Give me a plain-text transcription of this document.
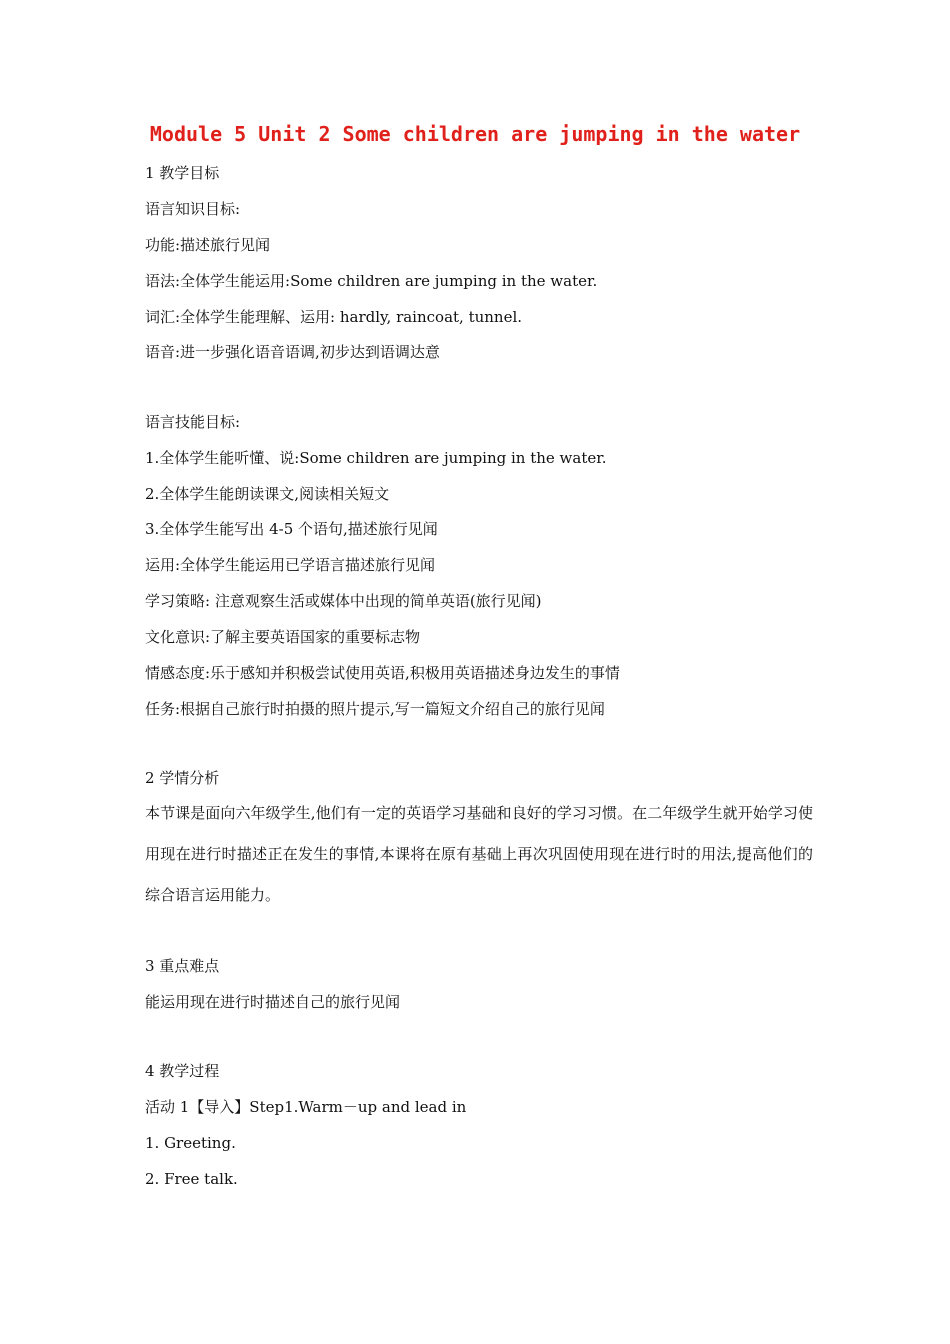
Module 5 Unit 2 Some children are jumping in the water
1 教学目标
语言知识目标:
功能:描述旅行见闻
语法:全体学生能运用:Some children are jumping in the water.
词汇:全体学生能理解、运用: hardly, raincoat, tunnel.
语音:进一步强化语音语调,初步达到语调达意
语言技能目标:
1.全体学生能听懂、说:Some children are jumping in the water.
2.全体学生能朗读课文,阅读相关短文
3.全体学生能写出 4-5 个语句,描述旅行见闻
运用:全体学生能运用已学语言描述旅行见闻
学习策略: 注意观察生活或媒体中出现的简单英语(旅行见闻)
文化意识:了解主要英语国家的重要标志物
情感态度:乐于感知并积极尝试使用英语,积极用英语描述身边发生的事情
任务:根据自己旅行时拍摄的照片提示,写一篇短文介绍自己的旅行见闻
2 学情分析
本节课是面向六年级学生,他们有一定的英语学习基础和良好的学习习惯。在二年级学生就开始学习使用现在进行时描述正在发生的事情,本课将在原有基础上再次巩固使用现在进行时的用法,提高他们的综合语言运用能力。
3 重点难点
能运用现在进行时描述自己的旅行见闻
4 教学过程
活动 1【导入】Step1.Warm－up and lead in
1. Greeting.
2. Free talk.
